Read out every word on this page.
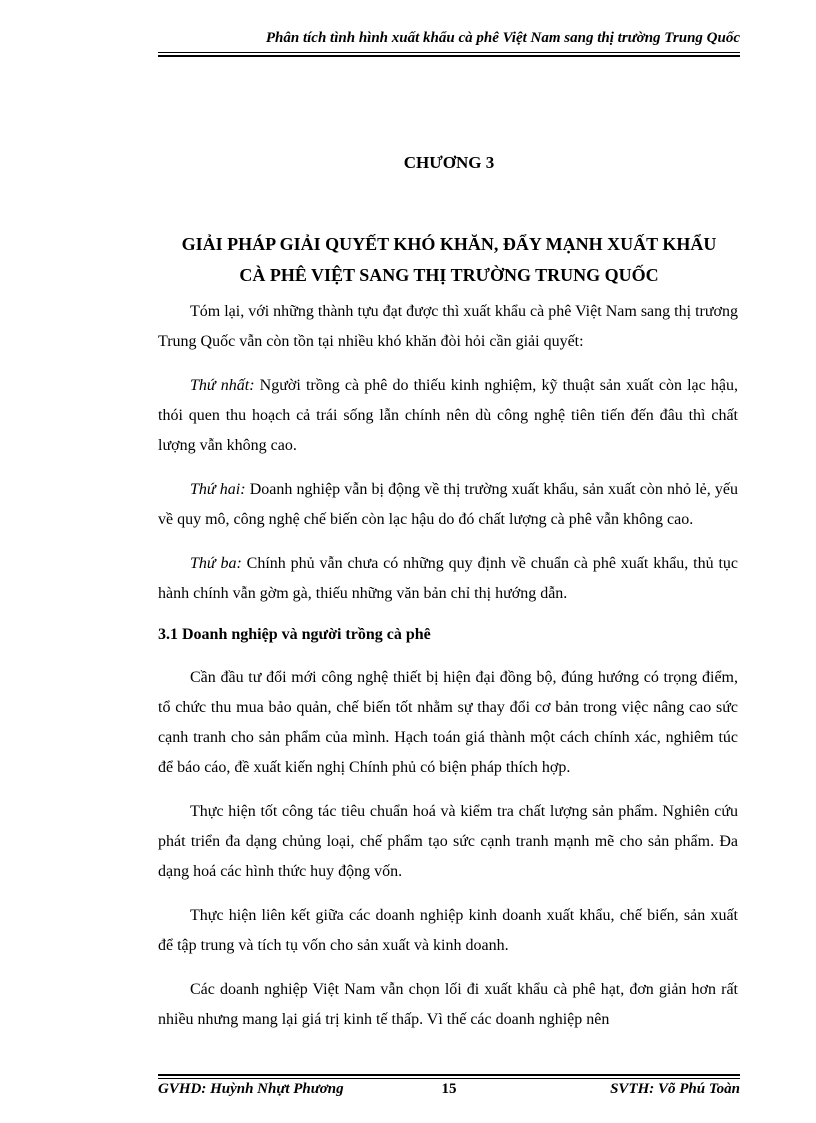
Phân tích tình hình xuất khẩu cà phê Việt Nam sang thị trường Trung Quốc
CHƯƠNG 3
GIẢI PHÁP GIẢI QUYẾT KHÓ KHĂN, ĐẨY MẠNH XUẤT KHẨU
CÀ PHÊ VIỆT SANG THỊ TRƯỜNG TRUNG QUỐC

Tóm lại, với những thành tựu đạt được thì xuất khẩu cà phê Việt Nam sang thị trương Trung Quốc vẫn còn tồn tại nhiều khó khăn đòi hỏi cần giải quyết:

Thứ nhất: Người trồng cà phê do thiếu kinh nghiệm, kỹ thuật sản xuất còn lạc hậu, thói quen thu hoạch cả trái sống lẫn chính nên dù công nghệ tiên tiến đến đâu thì chất lượng vẫn không cao.

Thứ hai: Doanh nghiệp vẫn bị động về thị trường xuất khẩu, sản xuất còn nhỏ lẻ, yếu về quy mô, công nghệ chế biến còn lạc hậu do đó chất lượng cà phê vẫn không cao.

Thứ ba: Chính phủ vẫn chưa có những quy định về chuẩn cà phê xuất khẩu, thủ tục hành chính vẫn gờm gà, thiếu những văn bản chỉ thị hướng dẫn.

3.1 Doanh nghiệp và người trồng cà phê

Cần đầu tư đổi mới công nghệ thiết bị hiện đại đồng bộ, đúng hướng có trọng điểm, tổ chức thu mua bảo quản, chế biến tốt nhằm sự thay đổi cơ bản trong việc nâng cao sức cạnh tranh cho sản phẩm của mình. Hạch toán giá thành một cách chính xác, nghiêm túc để báo cáo, đề xuất kiến nghị Chính phủ có biện pháp thích hợp.

Thực hiện tốt công tác tiêu chuẩn hoá và kiểm tra chất lượng sản phẩm. Nghiên cứu phát triển đa dạng chủng loại, chế phẩm tạo sức cạnh tranh mạnh mẽ cho sản phẩm. Đa dạng hoá các hình thức huy động vốn.

Thực hiện liên kết giữa các doanh nghiệp kinh doanh xuất khẩu, chế biến, sản xuất để tập trung và tích tụ vốn cho sản xuất và kinh doanh.

Các doanh nghiệp Việt Nam vẫn chọn lối đi xuất khẩu cà phê hạt, đơn giản hơn rất nhiều nhưng mang lại giá trị kinh tế thấp. Vì thế các doanh nghiệp nên

GVHD: Huỳnh Nhựt Phương	15	SVTH: Võ Phú Toàn
